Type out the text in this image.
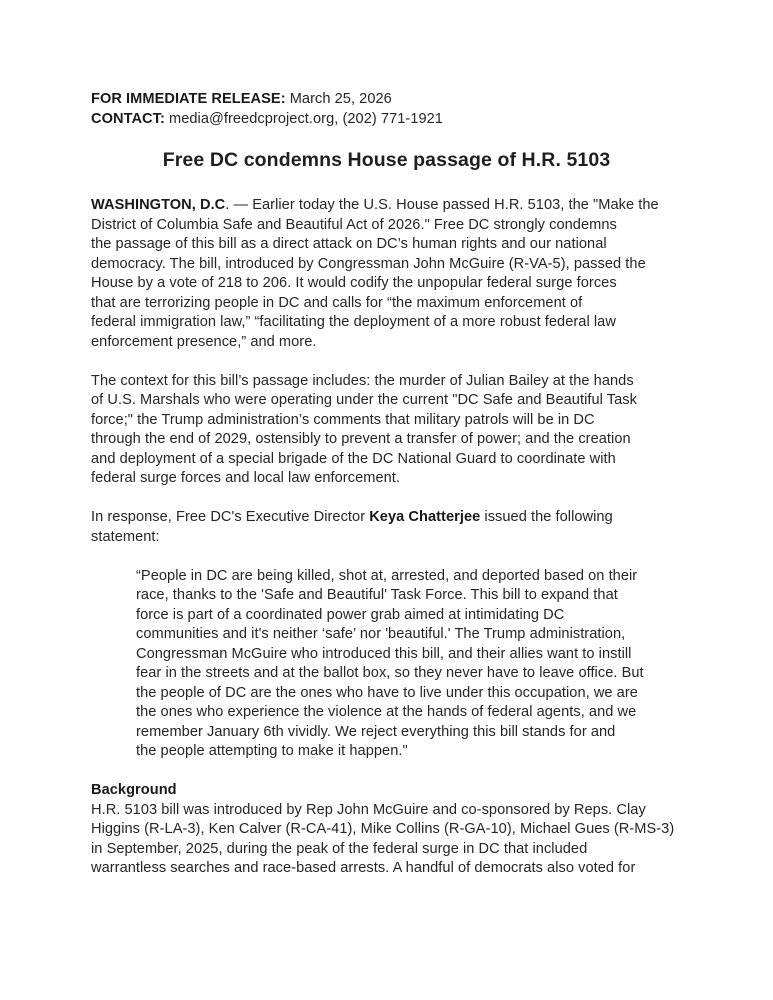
FOR IMMEDIATE RELEASE: March 25, 2026
CONTACT: media@freedcproject.org, (202) 771-1921
Free DC condemns House passage of H.R. 5103
WASHINGTON, D.C. — Earlier today the U.S. House passed H.R. 5103, the "Make the
District of Columbia Safe and Beautiful Act of 2026." Free DC strongly condemns
the passage of this bill as a direct attack on DC’s human rights and our national
democracy. The bill, introduced by Congressman John McGuire (R-VA-5), passed the
House by a vote of 218 to 206. It would codify the unpopular federal surge forces
that are terrorizing people in DC and calls for “the maximum enforcement of
federal immigration law,” “facilitating the deployment of a more robust federal law
enforcement presence,” and more.
The context for this bill’s passage includes: the murder of Julian Bailey at the hands
of U.S. Marshals who were operating under the current "DC Safe and Beautiful Task
force;" the Trump administration’s comments that military patrols will be in DC
through the end of 2029, ostensibly to prevent a transfer of power; and the creation
and deployment of a special brigade of the DC National Guard to coordinate with
federal surge forces and local law enforcement.
In response, Free DC's Executive Director Keya Chatterjee issued the following
statement:
“People in DC are being killed, shot at, arrested, and deported based on their
race, thanks to the 'Safe and Beautiful' Task Force. This bill to expand that
force is part of a coordinated power grab aimed at intimidating DC
communities and it's neither ‘safe’ nor 'beautiful.' The Trump administration,
Congressman McGuire who introduced this bill, and their allies want to instill
fear in the streets and at the ballot box, so they never have to leave office. But
the people of DC are the ones who have to live under this occupation, we are
the ones who experience the violence at the hands of federal agents, and we
remember January 6th vividly. We reject everything this bill stands for and
the people attempting to make it happen."
Background
H.R. 5103 bill was introduced by Rep John McGuire and co-sponsored by Reps. Clay
Higgins (R-LA-3), Ken Calver (R-CA-41), Mike Collins (R-GA-10), Michael Gues (R-MS-3)
in September, 2025, during the peak of the federal surge in DC that included
warrantless searches and race-based arrests. A handful of democrats also voted for
